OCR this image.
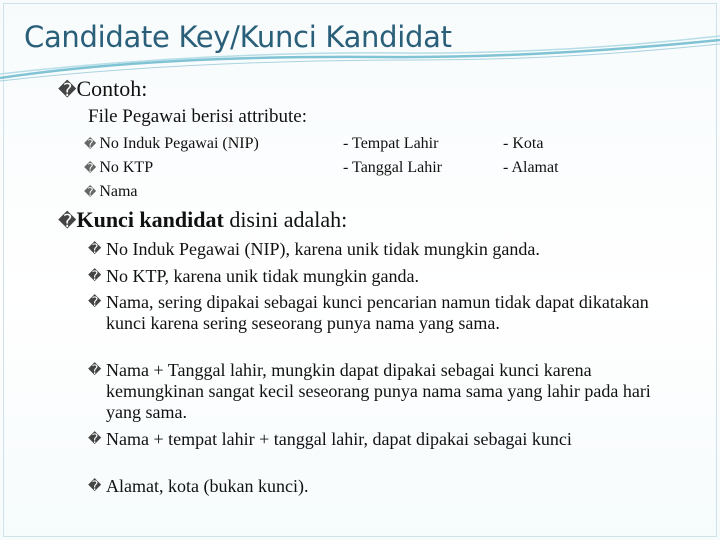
Candidate Key/Kunci Kandidat
�Contoh:
File Pegawai berisi attribute:
� No Induk Pegawai (NIP)
� No KTP
� Nama
- Tempat Lahir
- Tanggal Lahir
- Kota
- Alamat
�Kunci kandidat disini adalah:
� No Induk Pegawai (NIP), karena unik tidak mungkin ganda.
� No KTP, karena unik tidak mungkin ganda.
� Nama, sering dipakai sebagai kunci pencarian namun tidak dapat dikatakan kunci karena sering seseorang punya nama yang sama.
� Nama + Tanggal lahir, mungkin dapat dipakai sebagai kunci karena kemungkinan sangat kecil seseorang punya nama sama yang lahir pada hari yang sama.
� Nama + tempat lahir + tanggal lahir, dapat dipakai sebagai kunci
� Alamat, kota (bukan kunci).
